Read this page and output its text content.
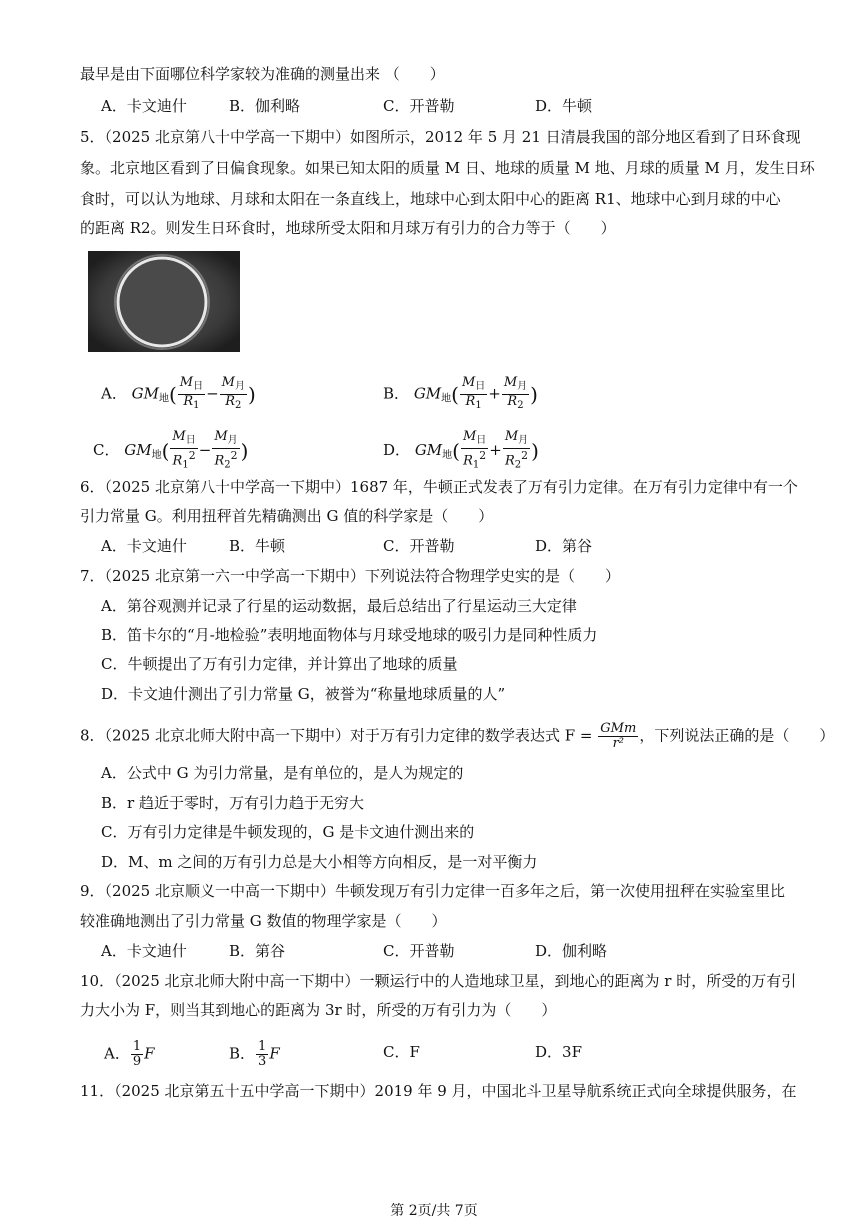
最早是由下面哪位科学家较为准确的测量出来 （　　）
A．卡文迪什	B．伽利略	C．开普勒	D．牛顿
5．（2025 北京第八十中学高一下期中）如图所示，2012 年 5 月 21 日清晨我国的部分地区看到了日环食现
象。北京地区看到了日偏食现象。如果已知太阳的质量 M 日、地球的质量 M 地、月球的质量 M 月，发生日环
食时，可以认为地球、月球和太阳在一条直线上，地球中心到太阳中心的距离 R1、地球中心到月球的中心
的距离 R2。则发生日环食时，地球所受太阳和月球万有引力的合力等于（　　）
A． $GM_地( \frac{M_日}{R_1} - \frac{M_月}{R_2}$ )	B． $GM_地( \frac{M_日}{R_1} + \frac{M_月}{R_2}$ )
C． $GM_地( \frac{M_日}{R_1^2} - \frac{M_月}{R_2^2}$ )	D． $GM_地( \frac{M_日}{R_1^2} + \frac{M_月}{R_2^2}$ )
6．（2025 北京第八十中学高一下期中）1687 年，牛顿正式发表了万有引力定律。在万有引力定律中有一个
引力常量 G。利用扭秤首先精确测出 G 值的科学家是（　　）
A．卡文迪什	B．牛顿	C．开普勒	D．第谷
7．（2025 北京第一六一中学高一下期中）下列说法符合物理学史实的是（　　）
A．第谷观测并记录了行星的运动数据，最后总结出了行星运动三大定律
B．笛卡尔的“月-地检验”表明地面物体与月球受地球的吸引力是同种性质力
C．牛顿提出了万有引力定律，并计算出了地球的质量
D．卡文迪什测出了引力常量 G，被誉为“称量地球质量的人”
8．（2025 北京北师大附中高一下期中）对于万有引力定律的数学表达式 $F = \frac{\text{GMm}}{\text{r²}}$ ，下列说法正确的是（　　）
A．公式中 G 为引力常量，是有单位的，是人为规定的
B．r 趋近于零时，万有引力趋于无穷大
C．万有引力定律是牛顿发现的，G 是卡文迪什测出来的
D．M、m 之间的万有引力总是大小相等方向相反，是一对平衡力
9．（2025 北京顺义一中高一下期中）牛顿发现万有引力定律一百多年之后，第一次使用扭秤在实验室里比
较准确地测出了引力常量 G 数值的物理学家是（　　）
A．卡文迪什	B．第谷	C．开普勒	D．伽利略
10．（2025 北京北师大附中高一下期中）一颗运行中的人造地球卫星，到地心的距离为 r 时，所受的万有引
力大小为 F，则当其到地心的距离为 3r 时，所受的万有引力为（　　）
A． $\frac{1}{9}$ F	B． $\frac{1}{3}$ F	C．F	D．3F
11．（2025 北京第五十五中学高一下期中）2019 年 9 月，中国北斗卫星导航系统正式向全球提供服务，在
第 2页/共 7页
